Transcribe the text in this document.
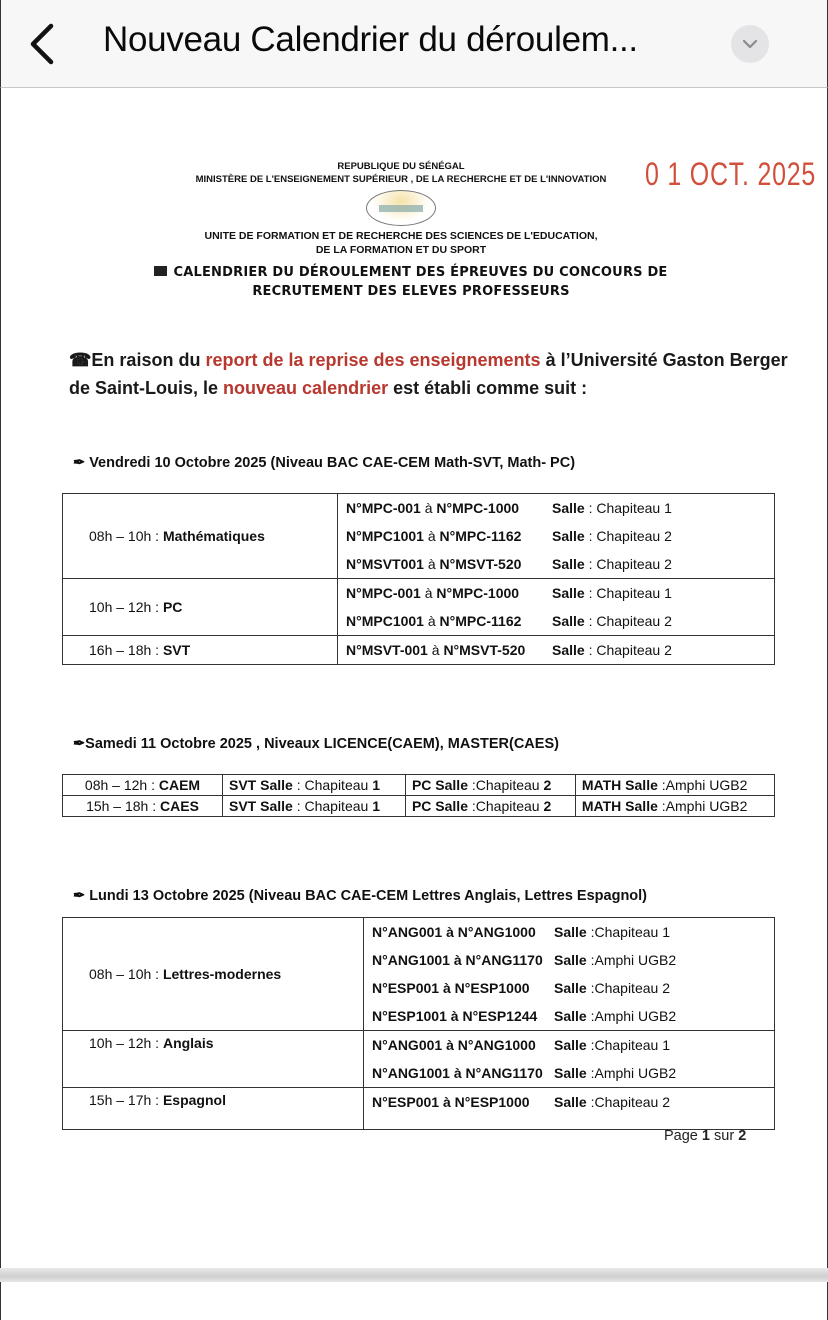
Nouveau Calendrier du déroulem...
REPUBLIQUE DU SÉNÉGAL
MINISTÈRE DE L'ENSEIGNEMENT SUPÉRIEUR , DE LA RECHERCHE ET DE L'INNOVATION
UNITE DE FORMATION ET DE RECHERCHE DES SCIENCES DE L'EDUCATION,
DE LA FORMATION ET DU SPORT
CALENDRIER DU DÉROULEMENT DES ÉPREUVES DU CONCOURS DE
RECRUTEMENT DES ELEVES PROFESSEURS
0 1 OCT. 2025
☎En raison du report de la reprise des enseignements à l’Université Gaston Berger
de Saint-Louis, le nouveau calendrier est établi comme suit :
✒ Vendredi 10 Octobre 2025 (Niveau BAC CAE-CEM Math-SVT, Math- PC)
08h – 10h : Mathématiques	
N°MPC-001 à N°MPC-1000	Salle : Chapiteau 1
N°MPC1001 à N°MPC-1162	Salle : Chapiteau 2
N°MSVT001 à N°MSVT-520	Salle : Chapiteau 2

10h – 12h : PC	N°MPC-001 à N°MPC-1000 Salle : Chapiteau 1
N°MPC1001 à N°MPC-1162 Salle : Chapiteau 2

16h – 18h : SVT	N°MSVT-001 à N°MSVT-520 Salle : Chapiteau 2
✒Samedi 11 Octobre 2025 , Niveaux LICENCE(CAEM), MASTER(CAES)
08h – 12h : CAEM	SVT Salle : Chapiteau 1	PC Salle :Chapiteau 2	MATH Salle :Amphi UGB2
15h – 18h : CAES	SVT Salle : Chapiteau 1	PC Salle :Chapiteau 2	MATH Salle :Amphi UGB2
✒ Lundi 13 Octobre 2025 (Niveau BAC CAE-CEM Lettres Anglais, Lettres Espagnol)
08h – 10h : Lettres-modernes	
N°ANG001 à N°ANG1000	Salle :Chapiteau 1
N°ANG1001 à N°ANG1170 Salle :Amphi UGB2
N°ESP001 à N°ESP1000	Salle :Chapiteau 2
N°ESP1001 à N°ESP1244	Salle :Amphi UGB2

10h – 12h : Anglais	N°ANG001 à N°ANG1000 Salle :Chapiteau 1
N°ANG1001 à N°ANG1170 Salle :Amphi UGB2

15h – 17h : Espagnol	N°ESP001 à N°ESP1000 Salle :Chapiteau 2
Page 1 sur 2
